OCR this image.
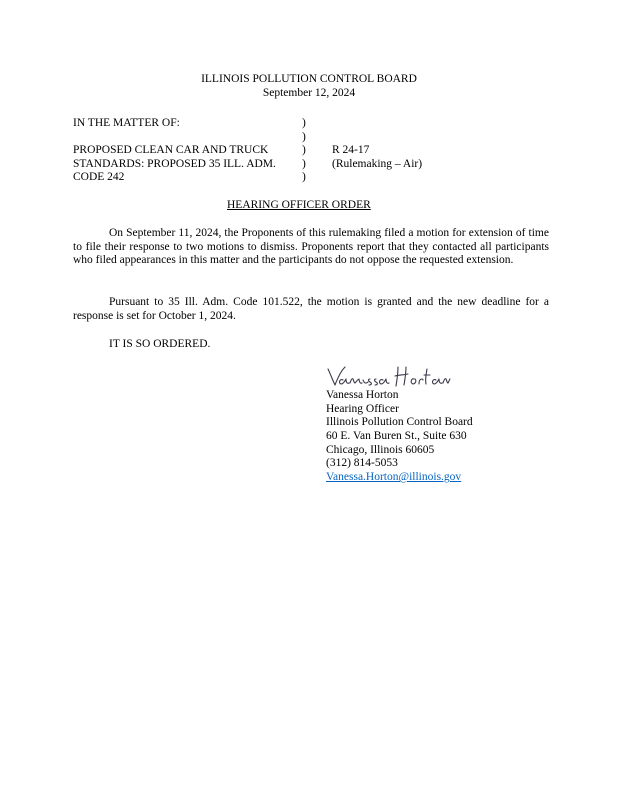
ILLINOIS POLLUTION CONTROL BOARD
September 12, 2024
IN THE MATTER OF:
PROPOSED CLEAN CAR AND TRUCK
STANDARDS: PROPOSED 35 ILL. ADM.
CODE 242
)
)
)
)
)
R 24-17
(Rulemaking – Air)
HEARING OFFICER ORDER
On September 11, 2024, the Proponents of this rulemaking filed a motion for extension of time to file their response to two motions to dismiss. Proponents report that they contacted all participants who filed appearances in this matter and the participants do not oppose the requested extension.
Pursuant to 35 Ill. Adm. Code 101.522, the motion is granted and the new deadline for a response is set for October 1, 2024.
IT IS SO ORDERED.
Vanessa Horton
Hearing Officer
Illinois Pollution Control Board
60 E. Van Buren St., Suite 630
Chicago, Illinois 60605
(312) 814-5053
Vanessa.Horton@illinois.gov
